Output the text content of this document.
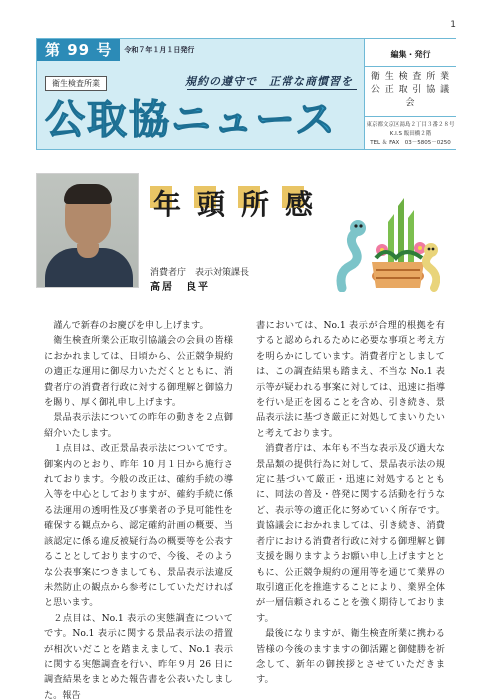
1
第 99 号	令和７年１月１日発行
衛生検査所業	規約の遵守で　正常な商慣習を
公取協ニュース
編集・発行
衛 生 検 査 所 業
公 正 取 引 協 議 会
東京都文京区湯島２丁目３番２８号
K.I.S 飯田橋２階
TEL ＆ FAX　03－5805－0250
年 頭 所 感
消費者庁　表示対策課長
高居　良平

謹んで新春のお慶びを申し上げます。

衛生検査所業公正取引協議会の会員の皆様におかれましては、日頃から、公正競争規約の適正な運用に御尽力いただくとともに、消費者庁の消費者行政に対する御理解と御協力を賜り、厚く御礼申し上げます。

景品表示法についての昨年の動きを２点御紹介いたします。

１点目は、改正景品表示法についてです。御案内のとおり、昨年 10 月１日から施行されております。今般の改正は、確約手続の導入等を中心としておりますが、確約手続に係る法運用の透明性及び事業者の予見可能性を確保する観点から、認定確約計画の概要、当該認定に係る違反被疑行為の概要等を公表することとしておりますので、今後、そのような公表事案につきましても、景品表示法違反未然防止の観点から参考にしていただければと思います。

２点目は、No.1 表示の実態調査についてです。No.1 表示に関する景品表示法の措置が相次いだことを踏まえまして、No.1 表示に関する実態調査を行い、昨年９月 26 日に調査結果をまとめた報告書を公表いたしました。報告

書においては、No.1 表示が合理的根拠を有すると認められるために必要な事項と考え方を明らかにしています。消費者庁としましては、この調査結果も踏まえ、不当な No.1 表示等が疑われる事案に対しては、迅速に指導を行い是正を図ることを含め、引き続き、景品表示法に基づき厳正に対処してまいりたいと考えております。

消費者庁は、本年も不当な表示及び過大な景品類の提供行為に対して、景品表示法の規定に基づいて厳正・迅速に対処するとともに、同法の普及・啓発に関する活動を行うなど、表示等の適正化に努めていく所存です。貴協議会におかれましては、引き続き、消費者庁における消費者行政に対する御理解と御支援を賜りますようお願い申し上げますとともに、公正競争規約の運用等を通じて業界の取引適正化を推進することにより、業界全体が一層信頼されることを強く期待しております。

最後になりますが、衛生検査所業に携わる皆様の今後のますますの御活躍と御健勝を祈念して、新年の御挨拶とさせていただきます。
